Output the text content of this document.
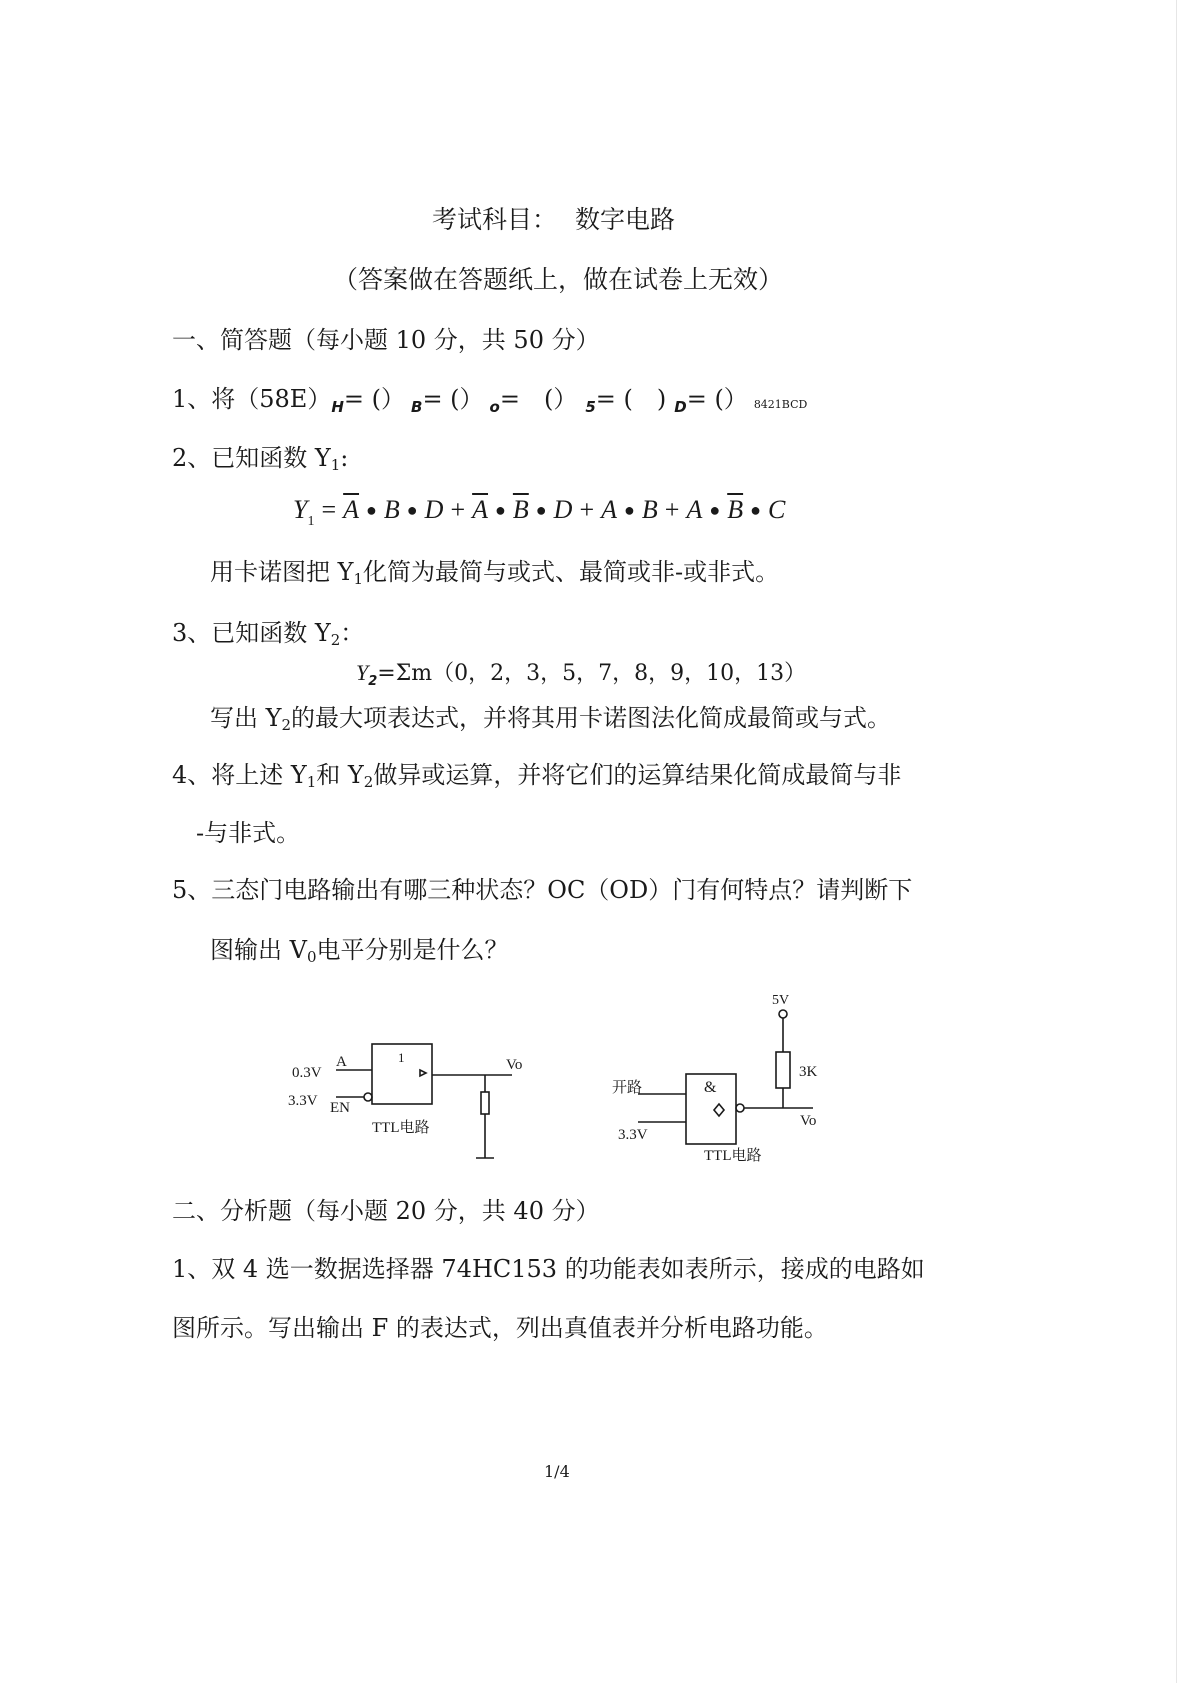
考试科目： 数字电路
（答案做在答题纸上，做在试卷上无效）
一、简答题（每小题 10 分，共 50 分）
1、将$(58E)_H=$ (） $_B$= (） $_o$=　(） $_5$= (　) $_D$= (） 8421BCD
2、已知函数 $Y_1$:
$Y_1 = \overline{A}$ ● B ● $D + \overline{A}$ ● $\overline{B}$ ● D + A ● B + A ● $\overline{B}$ ● C
用卡诺图把 $Y_1$化简为最简与或式、最简或非-或非式。
3、已知函数 $Y_2$：
$Y_2=\Sigma m(0$，2，3，5，7，8，9，10，13）
写出 $Y_2$的最大项表达式，并将其用卡诺图法化简成最简或与式。
4、将上述 $Y_1$和 $Y_2$做异或运算，并将它们的运算结果化简成最简与非
-与非式。
5、三态门电路输出有哪三种状态？OC（OD）门有何特点？请判断下
图输出 $V_0$电平分别是什么？
0.3V
A
3.3V EN
1	Vo
TTL电路
5V
3K
开路
3.3V
&
Vo
TTL电路
二、分析题（每小题 20 分，共 40 分）
1、双 4 选一数据选择器 74HC153 的功能表如表所示，接成的电路如
图所示。写出输出 F 的表达式，列出真值表并分析电路功能。
1/4
